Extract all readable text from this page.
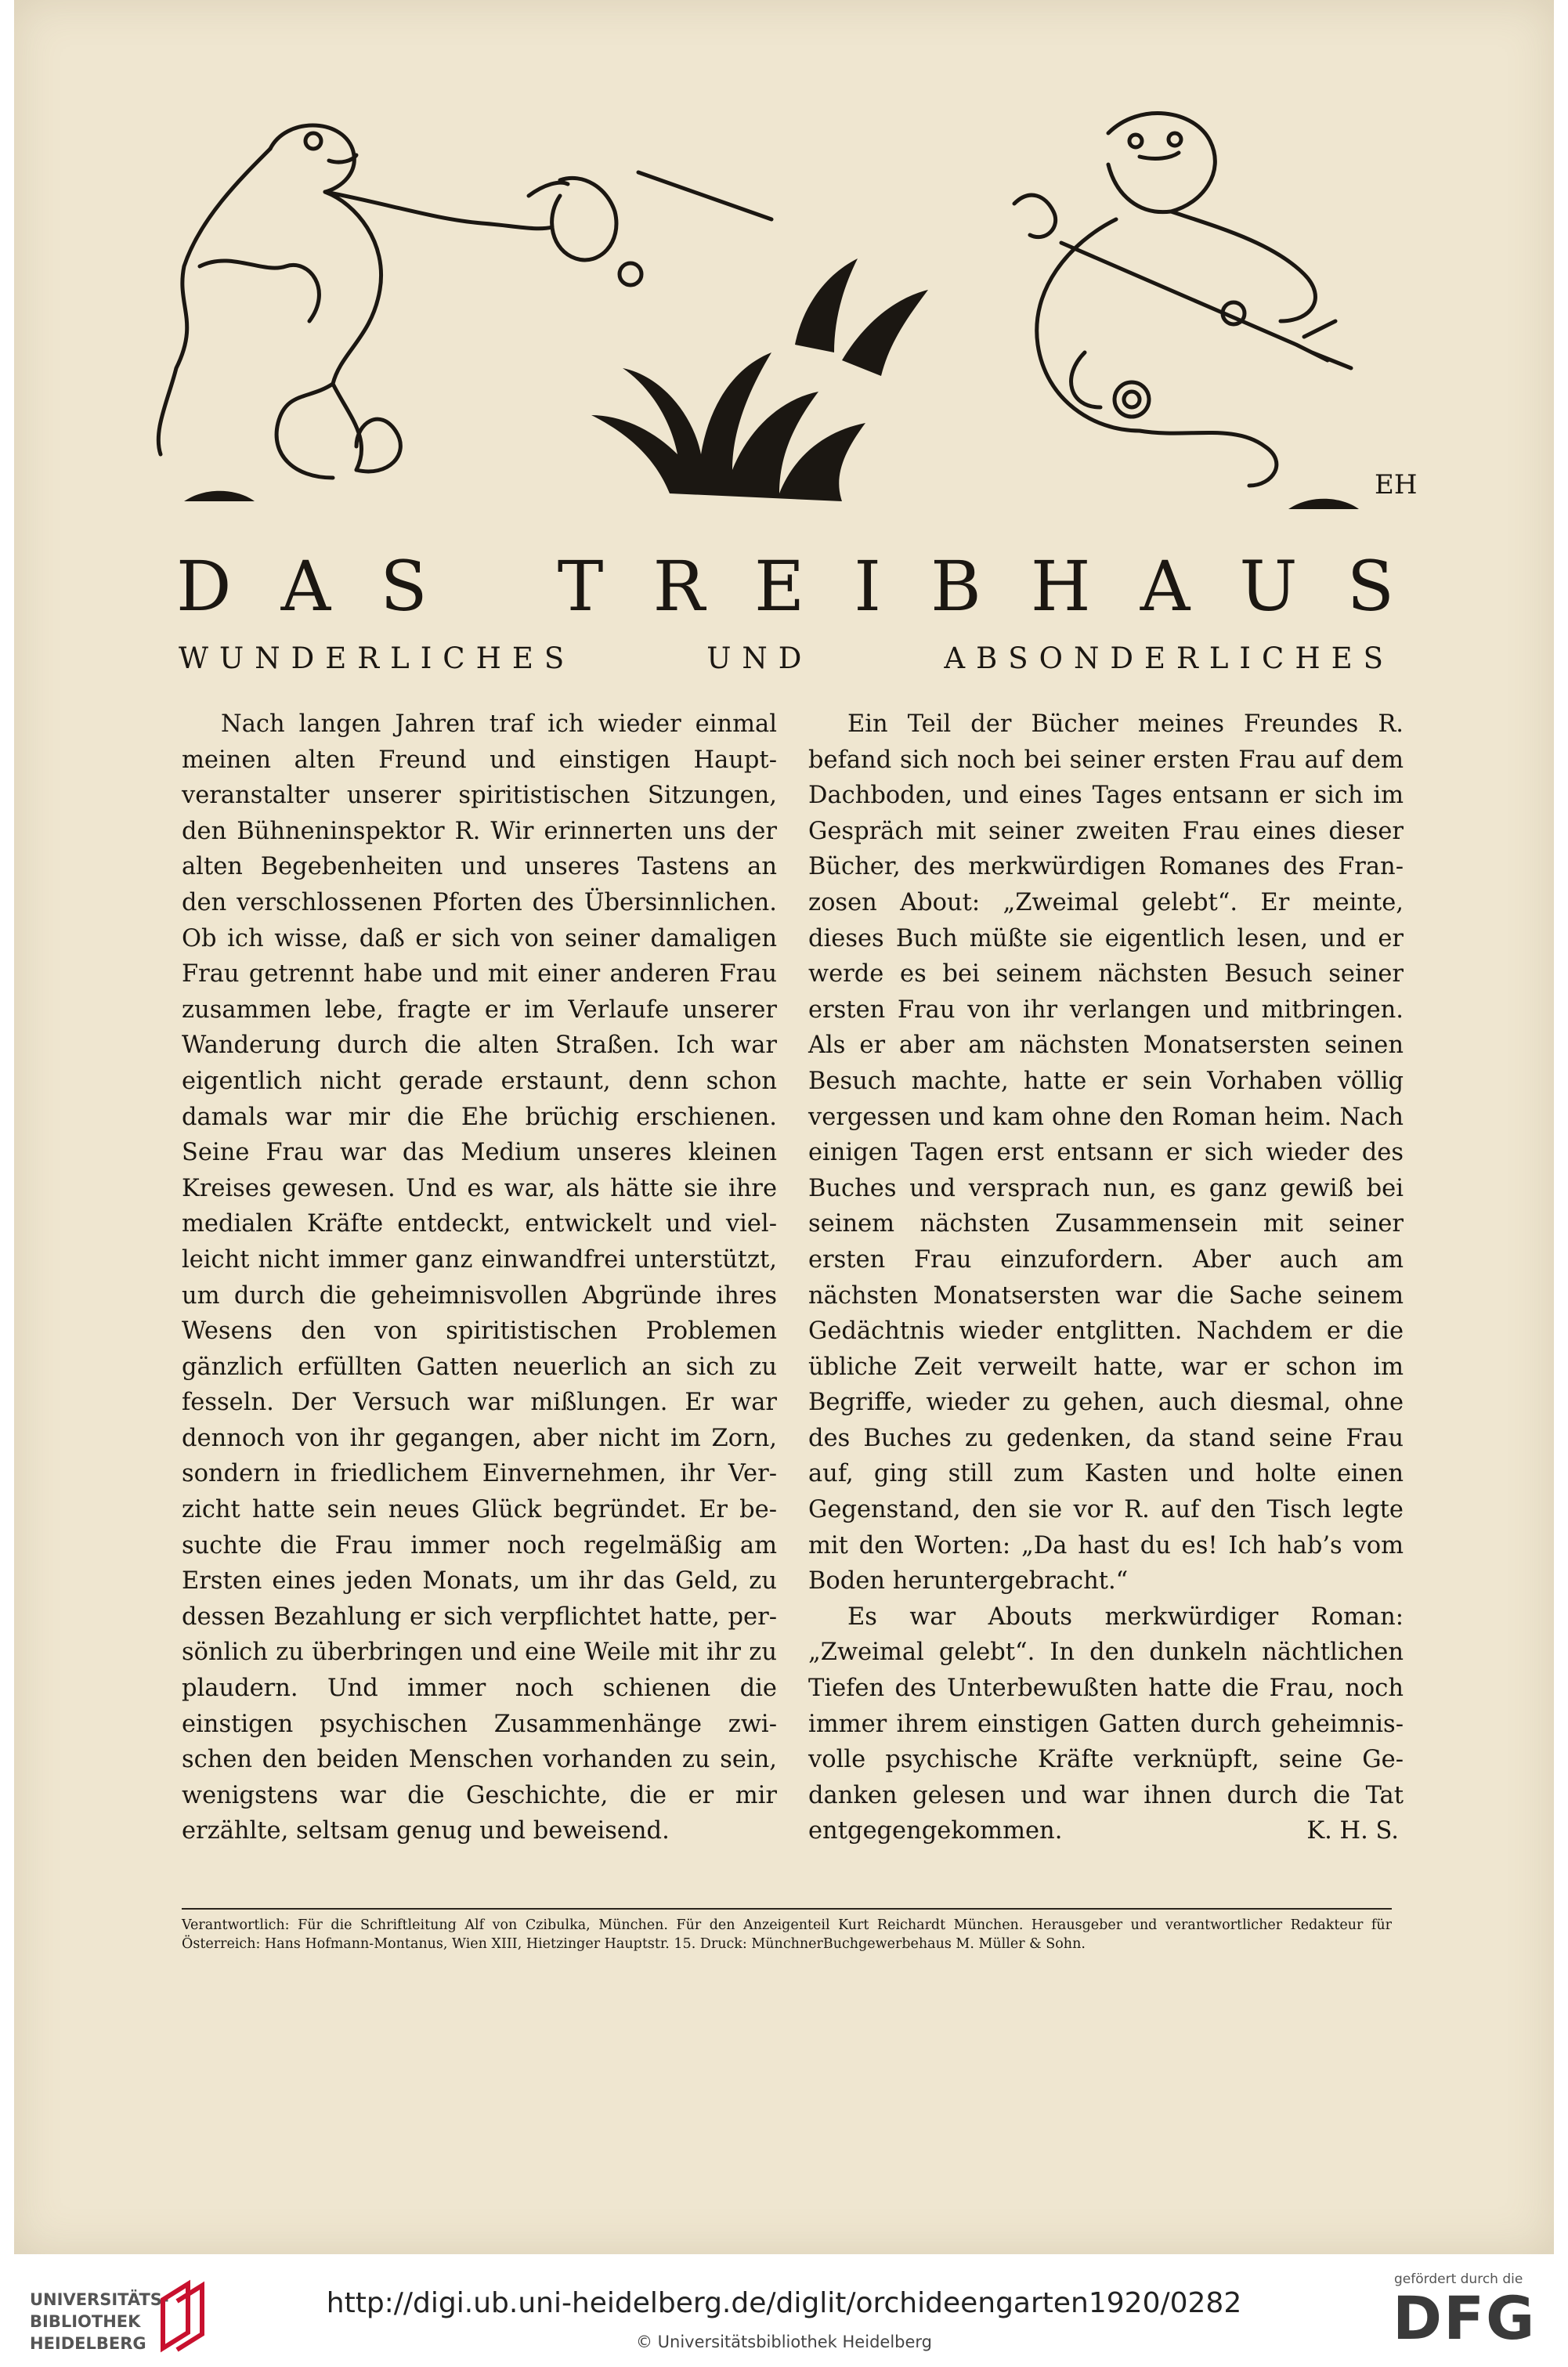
EH
D A S T R E I B H A U S
WUNDERLICHES	UND	ABSONDERLICHES

Nach langen Jahren traf ich wieder einmal meinen alten Freund und einstigen Hauptveranstalter unserer spiritistischen Sitzungen, den Bühneninspektor R. Wir erinnerten uns der alten Begebenheiten und unseres Tastens an den verschlossenen Pforten des Übersinnlichen. Ob ich wisse, daß er sich von seiner damaligen Frau getrennt habe und mit einer anderen Frau zusammen lebe, fragte er im Verlaufe unserer Wanderung durch die alten Straßen. Ich war eigentlich nicht gerade erstaunt, denn schon damals war mir die Ehe brüchig erschienen. Seine Frau war das Medium unseres kleinen Kreises gewesen. Und es war, als hätte sie ihre medialen Kräfte entdeckt, entwickelt und vielleicht nicht immer ganz einwandfrei unterstützt, um durch die geheimnisvollen Abgründe ihres Wesens den von spiritistischen Problemen gänzlich erfüllten Gatten neuerlich an sich zu fesseln. Der Versuch war mißlungen. Er war dennoch von ihr gegangen, aber nicht im Zorn, sondern in friedlichem Einvernehmen, ihr Verzicht hatte sein neues Glück begründet. Er besuchte die Frau immer noch regelmäßig am Ersten eines jeden Monats, um ihr das Geld, zu dessen Bezahlung er sich verpflichtet hatte, persönlich zu überbringen und eine Weile mit ihr zu plaudern. Und immer noch schienen die einstigen psychischen Zusammenhänge zwischen den beiden Menschen vorhanden zu sein, wenigstens war die Geschichte, die er mir erzählte, seltsam genug und beweisend.

Ein Teil der Bücher meines Freundes R. befand sich noch bei seiner ersten Frau auf dem Dachboden, und eines Tages entsann er sich im Gespräch mit seiner zweiten Frau eines dieser Bücher, des merkwürdigen Romanes des Franzosen About: „Zweimal gelebt“. Er meinte, dieses Buch müßte sie eigentlich lesen, und er werde es bei seinem nächsten Besuch seiner ersten Frau von ihr verlangen und mitbringen. Als er aber am nächsten Monatsersten seinen Besuch machte, hatte er sein Vorhaben völlig vergessen und kam ohne den Roman heim. Nach einigen Tagen erst entsann er sich wieder des Buches und versprach nun, es ganz gewiß bei seinem nächsten Zusammensein mit seiner ersten Frau einzufordern. Aber auch am nächsten Monatsersten war die Sache seinem Gedächtnis wieder entglitten. Nachdem er die übliche Zeit verweilt hatte, war er schon im Begriffe, wieder zu gehen, auch diesmal, ohne des Buches zu gedenken, da stand seine Frau auf, ging still zum Kasten und holte einen Gegenstand, den sie vor R. auf den Tisch legte mit den Worten: „Da hast du es! Ich hab’s vom Boden heruntergebracht.“

Es war Abouts merkwürdiger Roman: „Zweimal gelebt“. In den dunkeln nächtlichen Tiefen des Unterbewußten hatte die Frau, noch immer ihrem einstigen Gatten durch geheimnisvolle psychische Kräfte verknüpft, seine Gedanken gelesen und war ihnen durch die Tat entgegengekommen.	K. H. S.

Verantwortlich: Für die Schriftleitung Alf von Czibulka, München. Für den Anzeigenteil Kurt Reichardt München. Herausgeber und verantwortlicher Redakteur für Österreich: Hans Hofmann-Montanus, Wien XIII, Hietzinger Hauptstr. 15. Druck: MünchnerBuchgewerbehaus M. Müller & Sohn.

UNIVERSITÄTS-
BIBLIOTHEK
HEIDELBERG

http://digi.ub.uni-heidelberg.de/diglit/orchideengarten1920/0282

© Universitätsbibliothek Heidelberg

gefördert durch die

DFG
